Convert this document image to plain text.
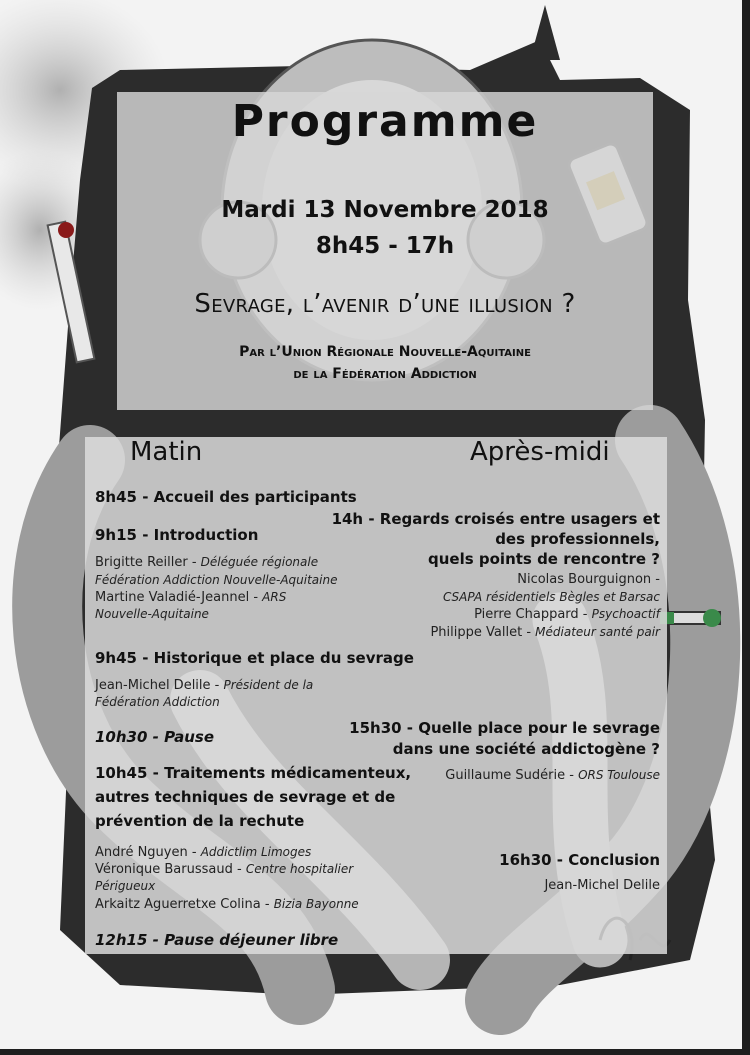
Programme
Mardi 13 Novembre 2018
8h45 - 17h
Sevrage, l’avenir d’une illusion ?
Par l’Union Régionale Nouvelle-Aquitaine
de la Fédération Addiction
Matin	Après-midi
8h45 - Accueil des participants
9h15 - Introduction
Brigitte Reiller - Déléguée régionale
Fédération Addiction Nouvelle-Aquitaine
Martine Valadié-Jeannel - ARS
Nouvelle-Aquitaine
9h45 - Historique et place du sevrage
Jean-Michel Delile - Président de la
Fédération Addiction
10h30 - Pause
10h45 - Traitements médicamenteux,
autres techniques de sevrage et de
prévention de la rechute
André Nguyen - Addictlim Limoges
Véronique Barussaud - Centre hospitalier
Périgueux
Arkaitz Aguerretxe Colina - Bizia Bayonne
12h15 - Pause déjeuner libre
14h - Regards croisés entre usagers et
des professionnels,
quels points de rencontre ?
Nicolas Bourguignon -
CSAPA résidentiels Bègles et Barsac
Pierre Chappard - Psychoactif
Philippe Vallet - Médiateur santé pair
15h30 - Quelle place pour le sevrage
dans une société addictogène ?
Guillaume Sudérie - ORS Toulouse
16h30 - Conclusion
Jean-Michel Delile
